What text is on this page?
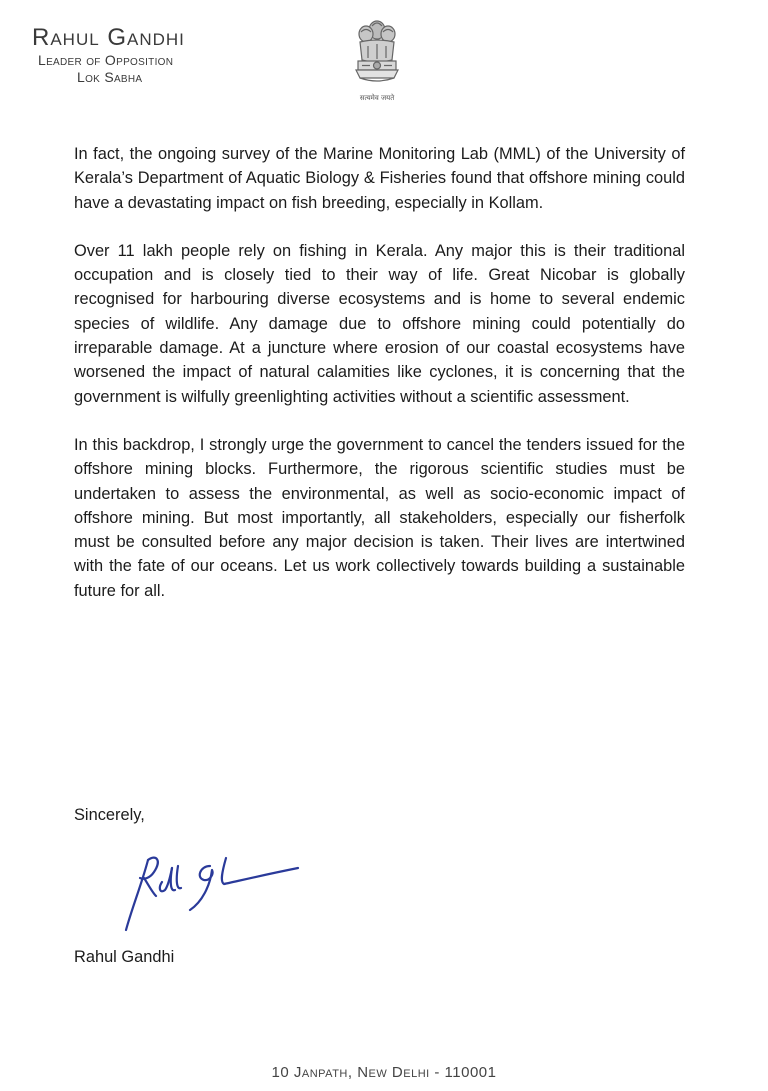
Rahul Gandhi
Leader of Opposition
Lok Sabha
सत्यमेव जयते

In fact, the ongoing survey of the Marine Monitoring Lab (MML) of the University of Kerala’s Department of Aquatic Biology & Fisheries found that offshore mining could have a devastating impact on fish breeding, especially in Kollam.

Over 11 lakh people rely on fishing in Kerala. Any major this is their traditional occupation and is closely tied to their way of life. Great Nicobar is globally recognised for harbouring diverse ecosystems and is home to several endemic species of wildlife. Any damage due to offshore mining could potentially do irreparable damage. At a juncture where erosion of our coastal ecosystems have worsened the impact of natural calamities like cyclones, it is concerning that the government is wilfully greenlighting activities without a scientific assessment.

In this backdrop, I strongly urge the government to cancel the tenders issued for the offshore mining blocks. Furthermore, the rigorous scientific studies must be undertaken to assess the environmental, as well as socio-economic impact of offshore mining. But most importantly, all stakeholders, especially our fisherfolk must be consulted before any major decision is taken. Their lives are intertwined with the fate of our oceans. Let us work collectively towards building a sustainable future for all.

Sincerely,
Rahul Gandhi
10 Janpath, New Delhi - 110001
